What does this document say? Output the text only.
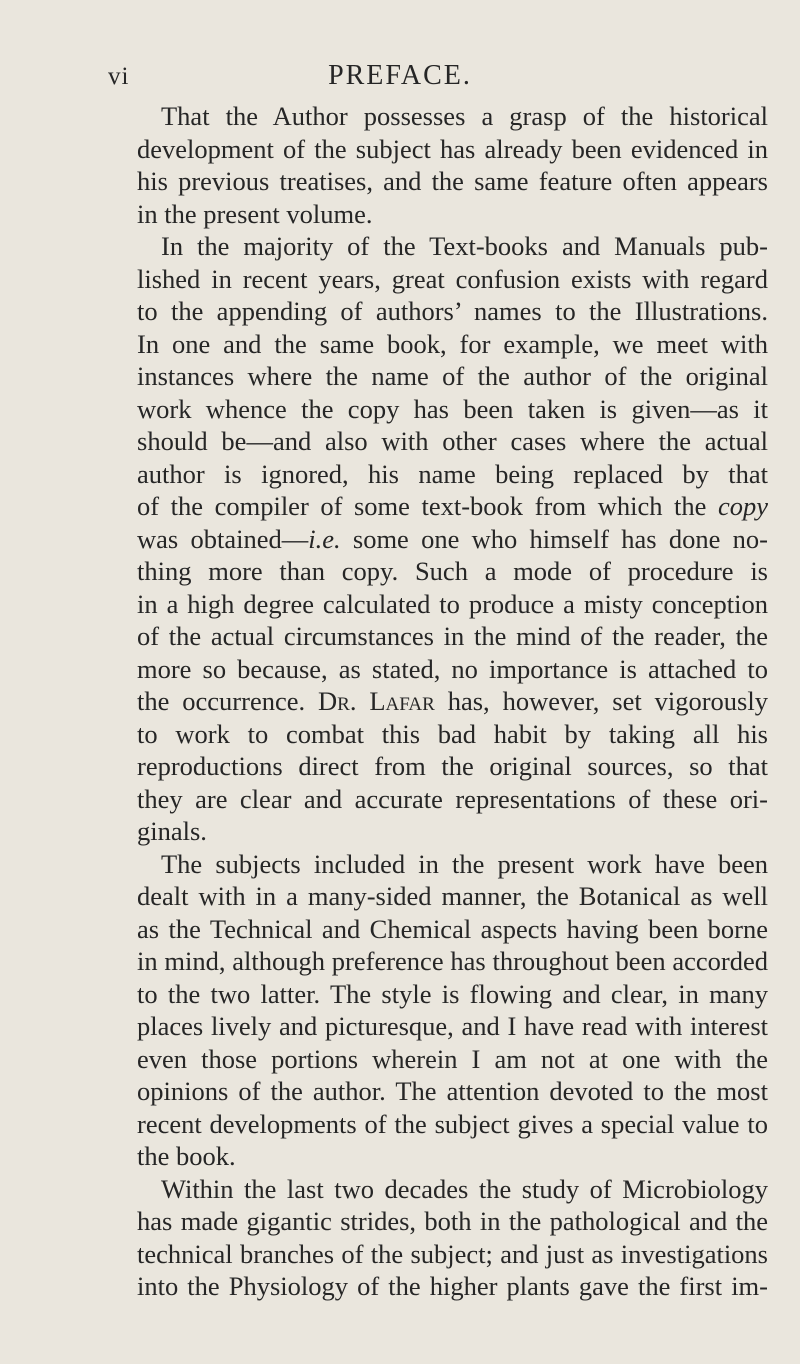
vi	PREFACE.
That the Author possesses a grasp of the historical
development of the subject has already been evidenced in
his previous treatises, and the same feature often appears
in the present volume.
In the majority of the Text-books and Manuals pub-
lished in recent years, great confusion exists with regard
to the appending of authors’ names to the Illustrations.
In one and the same book, for example, we meet with
instances where the name of the author of the original
work whence the copy has been taken is given—as it
should be—and also with other cases where the actual
author is ignored, his name being replaced by that
of the compiler of some text-book from which the copy
was obtained—i.e. some one who himself has done no-
thing more than copy. Such a mode of procedure is
in a high degree calculated to produce a misty conception
of the actual circumstances in the mind of the reader, the
more so because, as stated, no importance is attached to
the occurrence. Dr. Lafar has, however, set vigorously
to work to combat this bad habit by taking all his
reproductions direct from the original sources, so that
they are clear and accurate representations of these ori-
ginals.
The subjects included in the present work have been
dealt with in a many-sided manner, the Botanical as well
as the Technical and Chemical aspects having been borne
in mind, although preference has throughout been accorded
to the two latter. The style is flowing and clear, in many
places lively and picturesque, and I have read with interest
even those portions wherein I am not at one with the
opinions of the author. The attention devoted to the most
recent developments of the subject gives a special value to
the book.
Within the last two decades the study of Microbiology
has made gigantic strides, both in the pathological and the
technical branches of the subject; and just as investigations
into the Physiology of the higher plants gave the first im-
